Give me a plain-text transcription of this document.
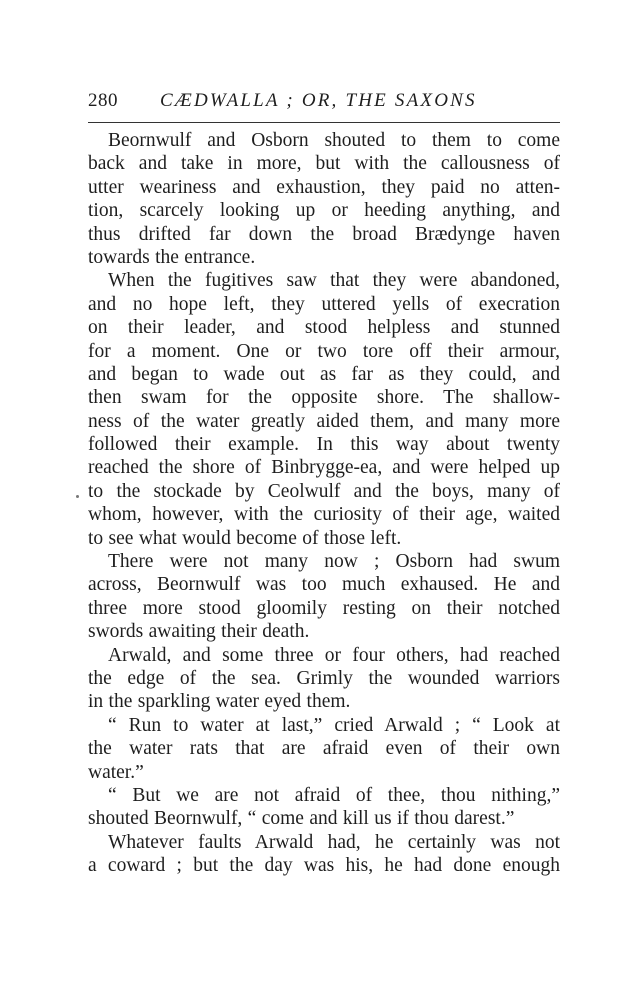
280 CÆDWALLA ; OR, THE SAXONS
Beornwulf and Osborn shouted to them to come
back and take in more, but with the callousness of
utter weariness and exhaustion, they paid no atten-
tion, scarcely looking up or heeding anything, and
thus drifted far down the broad Brædynge haven
towards the entrance.
When the fugitives saw that they were abandoned,
and no hope left, they uttered yells of execration
on their leader, and stood helpless and stunned
for a moment. One or two tore off their armour,
and began to wade out as far as they could, and
then swam for the opposite shore. The shallow-
ness of the water greatly aided them, and many more
followed their example. In this way about twenty
reached the shore of Binbrygge-ea, and were helped up
to the stockade by Ceolwulf and the boys, many of
whom, however, with the curiosity of their age, waited
to see what would become of those left.
There were not many now ; Osborn had swum
across, Beornwulf was too much exhaused. He and
three more stood gloomily resting on their notched
swords awaiting their death.
Arwald, and some three or four others, had reached
the edge of the sea. Grimly the wounded warriors
in the sparkling water eyed them.
“ Run to water at last,” cried Arwald ; “ Look at
the water rats that are afraid even of their own
water.”
“ But we are not afraid of thee, thou nithing,”
shouted Beornwulf, “ come and kill us if thou darest.”
Whatever faults Arwald had, he certainly was not
a coward ; but the day was his, he had done enough
